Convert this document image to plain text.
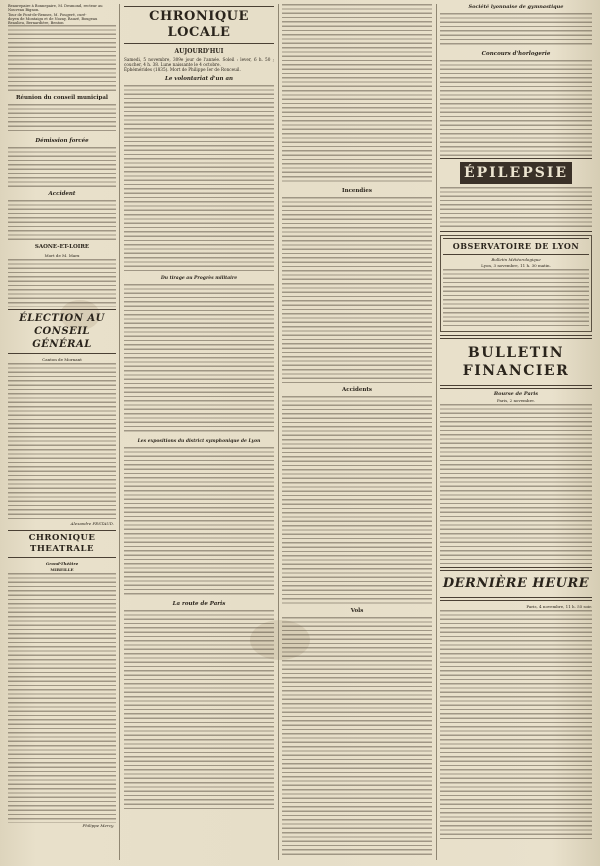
Beaurepaire à Bonnepaire, M. Desmond, recteur au

Nouveau Bignon.

Tour de Pont-de-Rennes, M. Fougeré, curé-

doyen de Montaigu et de Nozay, Rauzé, Bougeau

Beaulieu, Bernardière, Benton

Réunion du conseil municipal
Démission forcée
Accident
SAONE-ET-LOIRE
Mort de M. Marx
ÉLECTION AU CONSEIL GÉNÉRAL
Canton de Mornant
Alexandre FESTAUD.
CHRONIQUE THEATRALE
Grand-Théâtre
MIREILLE
Philippe Mercy.
CHRONIQUE LOCALE
AUJOURD'HUI

Samedi, 5 novembre, 309e jour de l'année. Soleil : lever, 6 h. 50 ; coucher, 4 h. 38. Lune naissante le 4 octobre.

Éphémérides (1835). Mort de Philippe Ier de Ronceuil.

Le volontariat d'un an
Du tirage au Progrès militaire
Les expositions du district symphonique de Lyon
La route de Paris
Incendies
Accidents
Vols
Société lyonnaise de gymnastique
Concours d'horlogerie
ÉPILEPSIE
OBSERVATOIRE DE LYON
Bulletin Météorologique
Lyon, 3 novembre, 11 h. 30 matin.
BULLETIN FINANCIER
Bourse de Paris
Paris, 2 novembre.
DERNIÈRE HEURE
Paris, 4 novembre, 11 h. 55 soir.
